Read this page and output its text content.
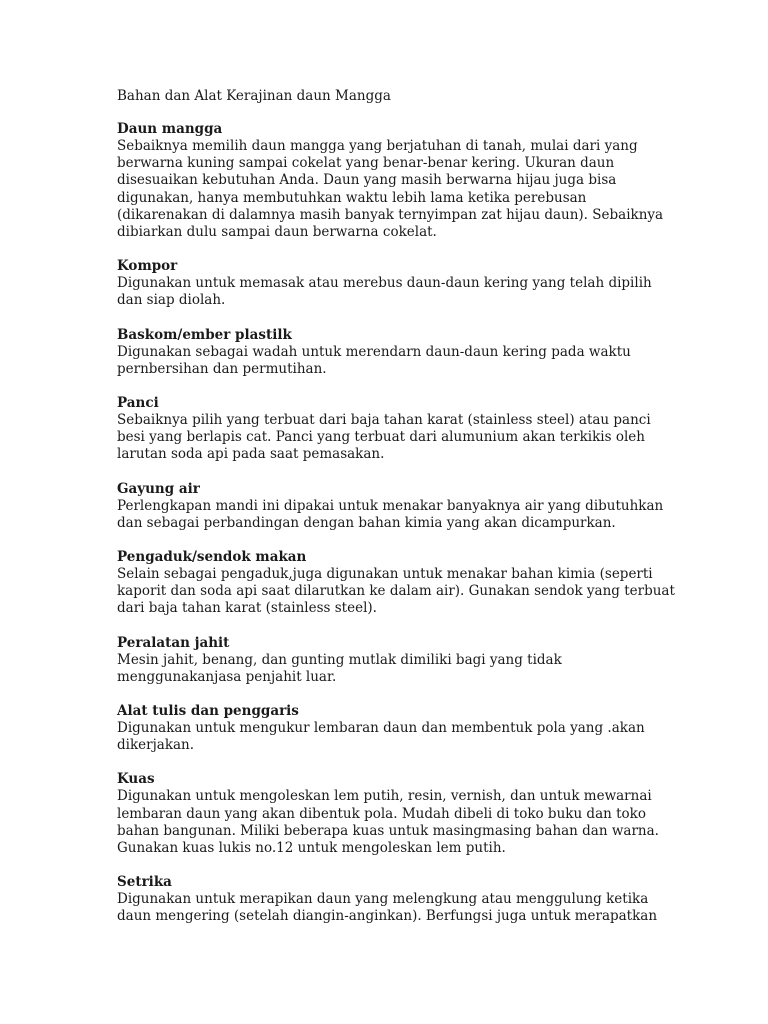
Bahan dan Alat Kerajinan daun Mangga

Daun mangga

Sebaiknya memilih daun mangga yang berjatuhan di tanah, mulai dari yang

berwarna kuning sampai cokelat yang benar-benar kering. Ukuran daun

disesuaikan kebutuhan Anda. Daun yang masih berwarna hijau juga bisa

digunakan, hanya membutuhkan waktu lebih lama ketika perebusan

(dikarenakan di dalamnya masih banyak ternyimpan zat hijau daun). Sebaiknya

dibiarkan dulu sampai daun berwarna cokelat.

Kompor

Digunakan untuk memasak atau merebus daun-daun kering yang telah dipilih

dan siap diolah.

Baskom/ember plastilk

Digunakan sebagai wadah untuk merendarn daun-daun kering pada waktu

pernbersihan dan permutihan.

Panci

Sebaiknya pilih yang terbuat dari baja tahan karat (stainless steel) atau panci

besi yang berlapis cat. Panci yang terbuat dari alumunium akan terkikis oleh

larutan soda api pada saat pemasakan.

Gayung air

Perlengkapan mandi ini dipakai untuk menakar banyaknya air yang dibutuhkan

dan sebagai perbandingan dengan bahan kimia yang akan dicampurkan.

Pengaduk/sendok makan

Selain sebagai pengaduk,juga digunakan untuk menakar bahan kimia (seperti

kaporit dan soda api saat dilarutkan ke dalam air). Gunakan sendok yang terbuat

dari baja tahan karat (stainless steel).

Peralatan jahit

Mesin jahit, benang, dan gunting mutlak dimiliki bagi yang tidak

menggunakanjasa penjahit luar.

Alat tulis dan penggaris

Digunakan untuk mengukur lembaran daun dan membentuk pola yang .akan

dikerjakan.

Kuas

Digunakan untuk mengoleskan lem putih, resin, vernish, dan untuk mewarnai

lembaran daun yang akan dibentuk pola. Mudah dibeli di toko buku dan toko

bahan bangunan. Miliki beberapa kuas untuk masingmasing bahan dan warna.

Gunakan kuas lukis no.12 untuk mengoleskan lem putih.

Setrika

Digunakan untuk merapikan daun yang melengkung atau menggulung ketika

daun mengering (setelah diangin-anginkan). Berfungsi juga untuk merapatkan
